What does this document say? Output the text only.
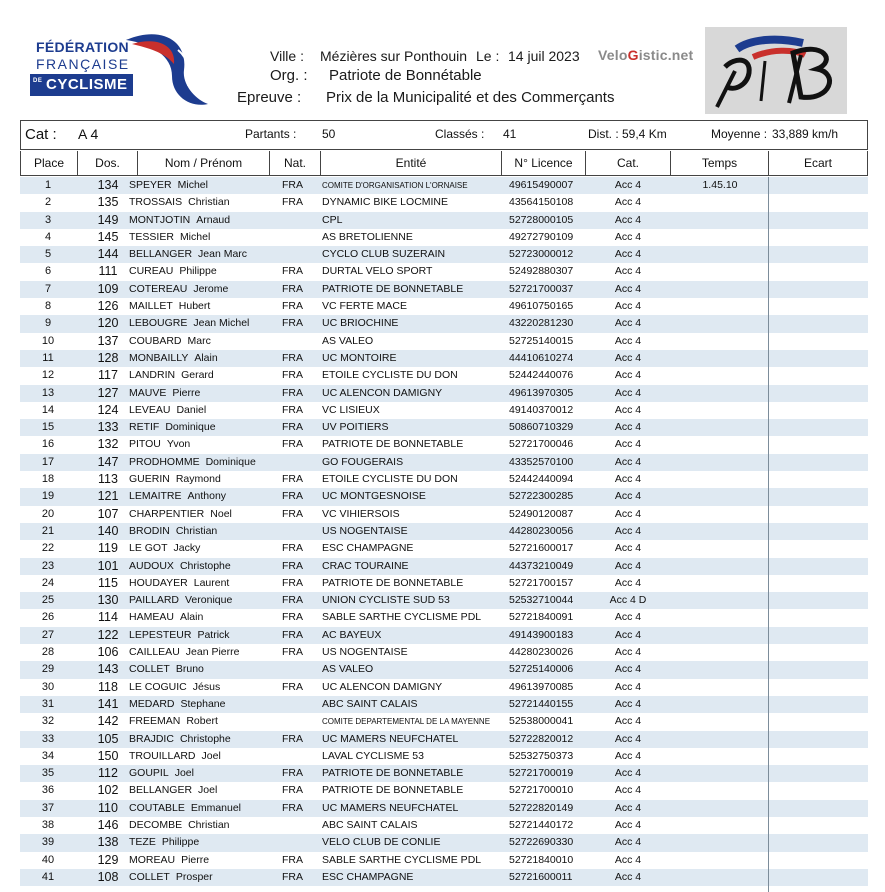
FÉDÉRATION
FRANÇAISE
DE CYCLISME
Ville : Mézières sur Ponthouin Le : 14 juil 2023 VeloGistic.net
Org. : Patriote de Bonnétable
Epreuve : Prix de la Municipalité et des Commerçants
Cat : A 4	Partants : 50	Classés : 41	Dist. : 59,4 Km	Moyenne : 33,889 km/h
Place	Dos.	Nom / Prénom	Nat.	Entité	N° Licence	Cat.	Temps	Ecart
1	134	SPEYER Michel	FRA COMITE D'ORGANISATION L'ORNAISE	49615490007	Acc 4	1.45.10
2	135	TROSSAIS Christian	FRA DYNAMIC BIKE LOCMINE	43564150108	Acc 4
3	149	MONTJOTIN Arnaud	CPL	52728000105	Acc 4
4	145	TESSIER Michel	AS BRETOLIENNE	49272790109	Acc 4
5	144	BELLANGER Jean Marc	CYCLO CLUB SUZERAIN	52723000012	Acc 4
6	111	CUREAU Philippe	FRA DURTAL VELO SPORT	52492880307	Acc 4
7	109	COTEREAU Jerome	FRA PATRIOTE DE BONNETABLE	52721700037	Acc 4
8	126	MAILLET Hubert	FRA VC FERTE MACE	49610750165	Acc 4
9	120	LEBOUGRE Jean Michel	FRA UC BRIOCHINE	43220281230	Acc 4
10	137	COUBARD Marc	AS VALEO	52725140015	Acc 4
11	128	MONBAILLY Alain	FRA UC MONTOIRE	44410610274	Acc 4
12	117	LANDRIN Gerard	FRA ETOILE CYCLISTE DU DON	52442440076	Acc 4
13	127	MAUVE Pierre	FRA UC ALENCON DAMIGNY	49613970305	Acc 4
14	124	LEVEAU Daniel	FRA VC LISIEUX	49140370012	Acc 4
15	133	RETIF Dominique	FRA UV POITIERS	50860710329	Acc 4
16	132	PITOU Yvon	FRA PATRIOTE DE BONNETABLE	52721700046	Acc 4
17	147	PRODHOMME Dominique	GO FOUGERAIS	43352570100	Acc 4
18	113	GUERIN Raymond	FRA ETOILE CYCLISTE DU DON	52442440094	Acc 4
19	121	LEMAITRE Anthony	FRA UC MONTGESNOISE	52722300285	Acc 4
20	107	CHARPENTIER Noel	FRA VC VIHIERSOIS	52490120087	Acc 4
21	140	BRODIN Christian	US NOGENTAISE	44280230056	Acc 4
22	119	LE GOT Jacky	FRA ESC CHAMPAGNE	52721600017	Acc 4
23	101	AUDOUX Christophe	FRA CRAC TOURAINE	44373210049	Acc 4
24	115	HOUDAYER Laurent	FRA PATRIOTE DE BONNETABLE	52721700157	Acc 4
25	130	PAILLARD Veronique	FRA UNION CYCLISTE SUD 53	52532710044	Acc 4 D
26	114	HAMEAU Alain	FRA SABLE SARTHE CYCLISME PDL	52721840091	Acc 4
27	122	LEPESTEUR Patrick	FRA AC BAYEUX	49143900183	Acc 4
28	106	CAILLEAU Jean Pierre	FRA US NOGENTAISE	44280230026	Acc 4
29	143	COLLET Bruno	AS VALEO	52725140006	Acc 4
30	118	LE COGUIC Jésus	FRA UC ALENCON DAMIGNY	49613970085	Acc 4
31	141	MEDARD Stephane	ABC SAINT CALAIS	52721440155	Acc 4
32	142	FREEMAN Robert	COMITE DEPARTEMENTAL DE LA MAYENNE 52538000041	Acc 4
33	105	BRAJDIC Christophe	FRA UC MAMERS NEUFCHATEL	52722820012	Acc 4
34	150	TROUILLARD Joel	LAVAL CYCLISME 53	52532750373	Acc 4
35	112	GOUPIL Joel	FRA PATRIOTE DE BONNETABLE	52721700019	Acc 4
36	102	BELLANGER Joel	FRA PATRIOTE DE BONNETABLE	52721700010	Acc 4
37	110	COUTABLE Emmanuel	FRA UC MAMERS NEUFCHATEL	52722820149	Acc 4
38	146	DECOMBE Christian	ABC SAINT CALAIS	52721440172	Acc 4
39	138	TEZE Philippe	VELO CLUB DE CONLIE	52722690330	Acc 4
40	129	MOREAU Pierre	FRA SABLE SARTHE CYCLISME PDL	52721840010	Acc 4
41	108	COLLET Prosper	FRA ESC CHAMPAGNE	52721600011	Acc 4
